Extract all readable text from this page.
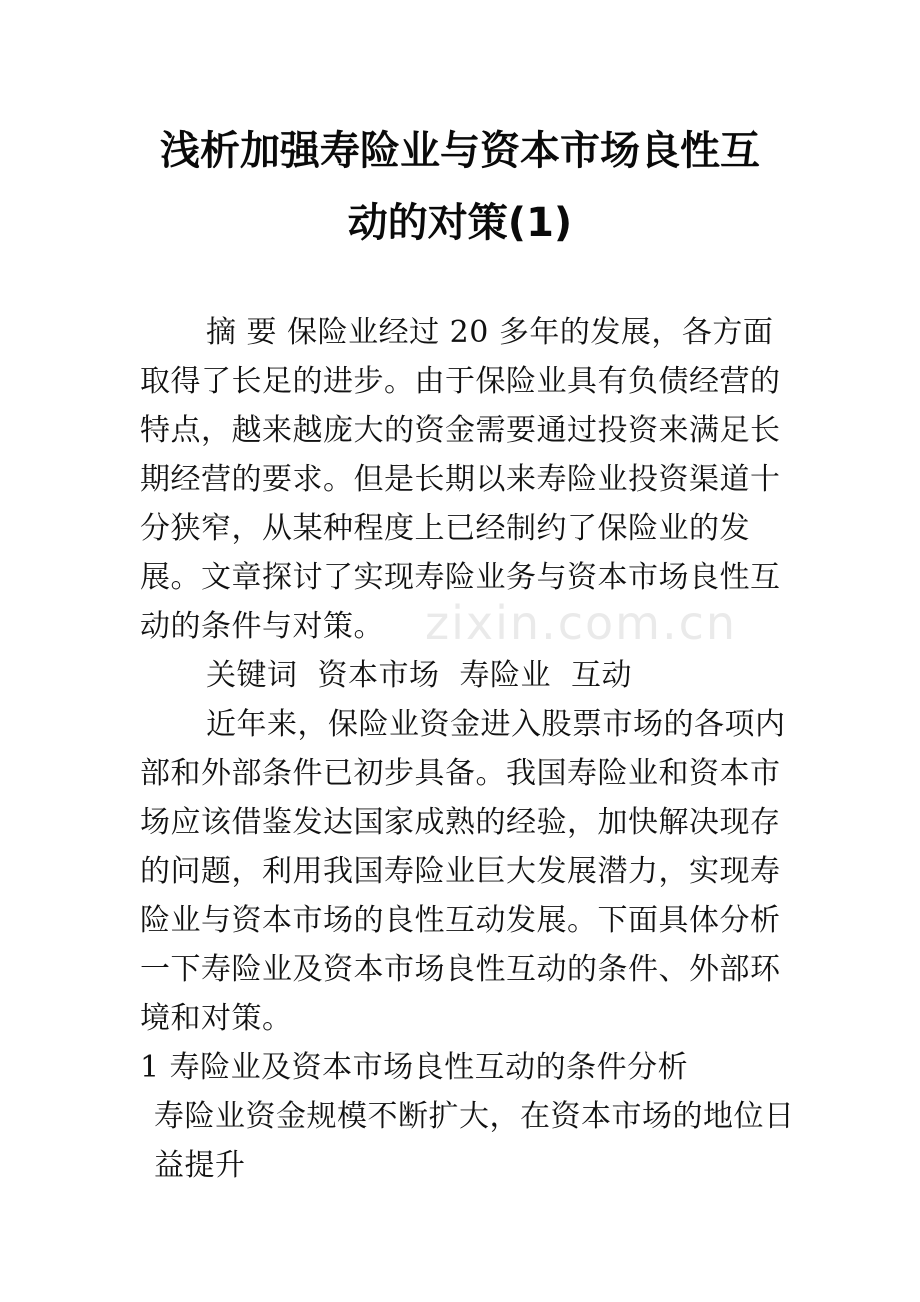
浅析加强寿险业与资本市场良性互
动的对策(1)

摘 要 保险业经过 20 多年的发展，各方面取得了长足的进步。由于保险业具有负债经营的特点，越来越庞大的资金需要通过投资来满足长期经营的要求。但是长期以来寿险业投资渠道十分狭窄，从某种程度上已经制约了保险业的发展。文章探讨了实现寿险业务与资本市场良性互动的条件与对策。

关键词 资本市场 寿险业 互动

近年来，保险业资金进入股票市场的各项内部和外部条件已初步具备。我国寿险业和资本市场应该借鉴发达国家成熟的经验，加快解决现存的问题，利用我国寿险业巨大发展潜力，实现寿险业与资本市场的良性互动发展。下面具体分析一下寿险业及资本市场良性互动的条件、外部环境和对策。

1 寿险业及资本市场良性互动的条件分析

寿险业资金规模不断扩大，在资本市场的地位日益提升

zixin.com.cn
